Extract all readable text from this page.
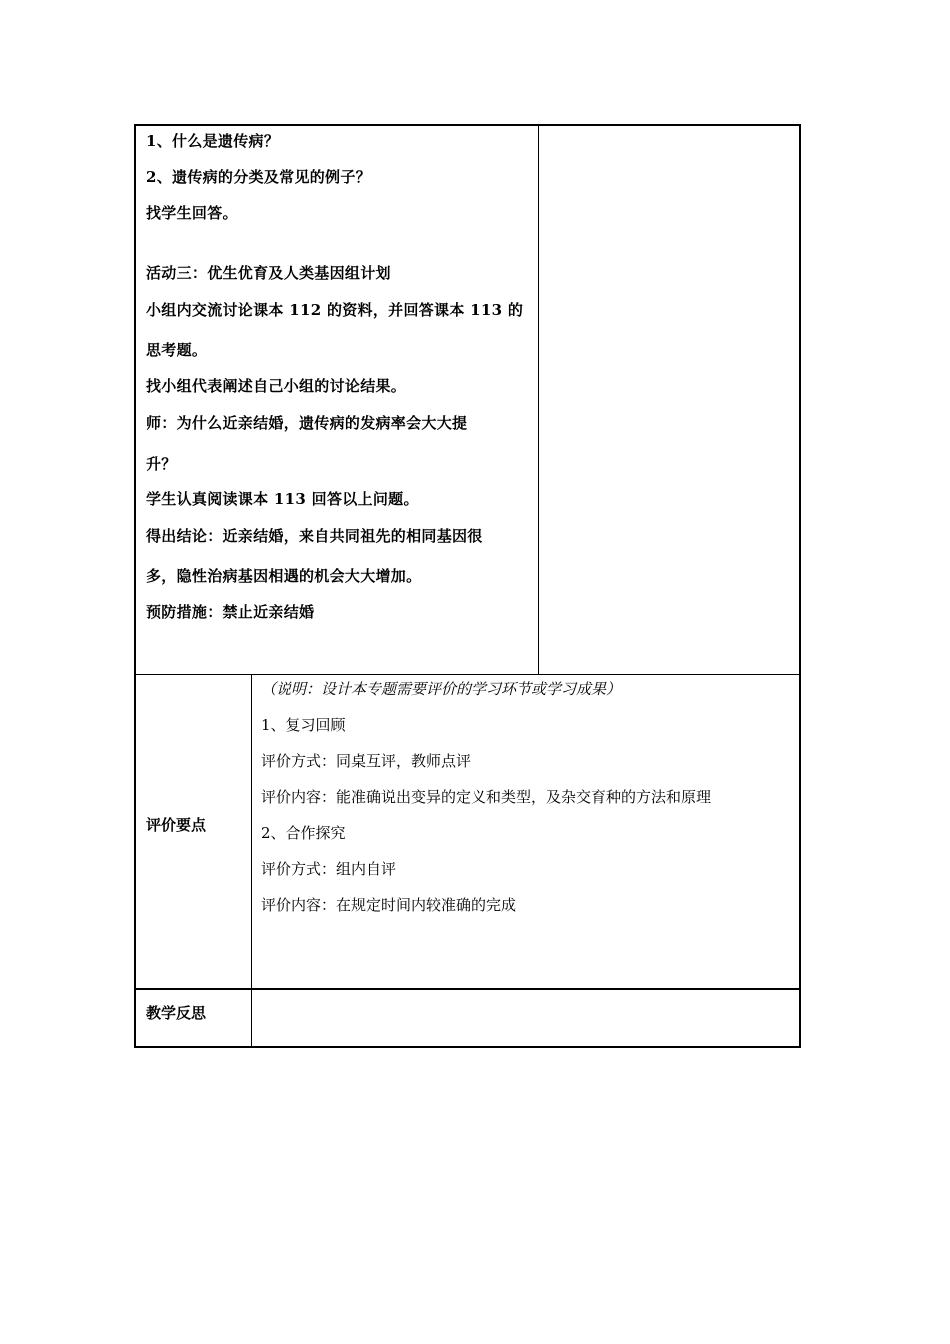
1、什么是遗传病？
2、遗传病的分类及常见的例子？
找学生回答。
活动三：优生优育及人类基因组计划
小组内交流讨论课本 112 的资料，并回答课本 113 的
思考题。
找小组代表阐述自己小组的讨论结果。
师：为什么近亲结婚，遗传病的发病率会大大提
升？
学生认真阅读课本 113 回答以上问题。
得出结论：近亲结婚，来自共同祖先的相同基因很
多，隐性治病基因相遇的机会大大增加。
预防措施：禁止近亲结婚
评价要点
（说明：设计本专题需要评价的学习环节或学习成果）
1、复习回顾
评价方式：同桌互评，教师点评
评价内容：能准确说出变异的定义和类型，及杂交育种的方法和原理
2、合作探究
评价方式：组内自评
评价内容：在规定时间内较准确的完成
教学反思
